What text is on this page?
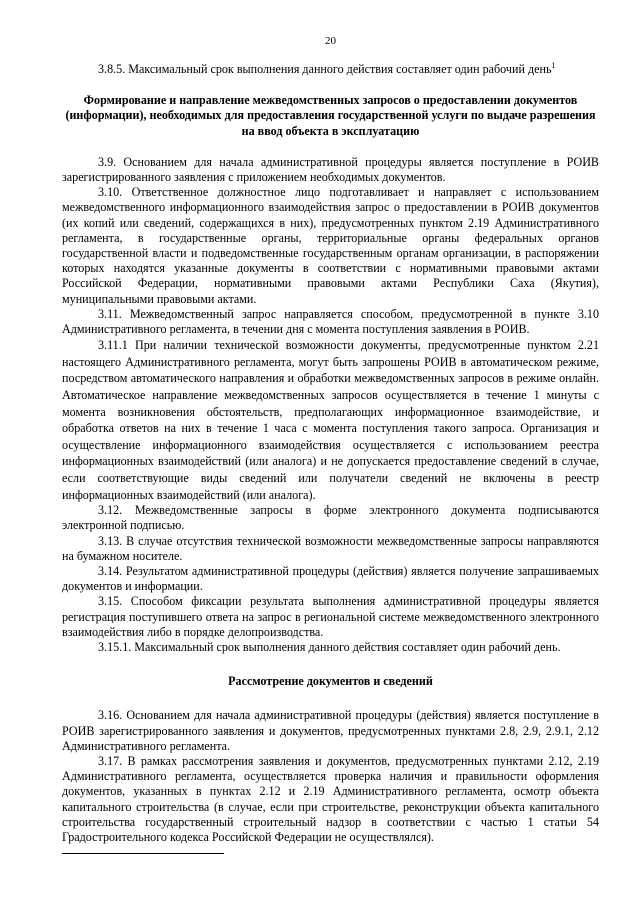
20

3.8.5. Максимальный срок выполнения данного действия составляет один рабочий день$^1$

Формирование и направление межведомственных запросов о предоставлении документов (информации), необходимых для предоставления государственной услуги по выдаче разрешения на ввод объекта в эксплуатацию

3.9. Основанием для начала административной процедуры является поступление в РОИВ зарегистрированного заявления с приложением необходимых документов.

3.10. Ответственное должностное лицо подготавливает и направляет с использованием межведомственного информационного взаимодействия запрос о предоставлении в РОИВ документов (их копий или сведений, содержащихся в них), предусмотренных пунктом 2.19 Административного регламента, в государственные органы, территориальные органы федеральных органов государственной власти и подведомственные государственным органам организации, в распоряжении которых находятся указанные документы в соответствии с нормативными правовыми актами Российской Федерации, нормативными правовыми актами Республики Саха (Якутия), муниципальными правовыми актами.

3.11. Межведомственный запрос направляется способом, предусмотренной в пункте 3.10 Административного регламента, в течении дня с момента поступления заявления в РОИВ.

3.11.1 При наличии технической возможности документы, предусмотренные пунктом 2.21 настоящего Административного регламента, могут быть запрошены РОИВ в автоматическом режиме, посредством автоматического направления и обработки межведомственных запросов в режиме онлайн. Автоматическое направление межведомственных запросов осуществляется в течение 1 минуты с момента возникновения обстоятельств, предполагающих информационное взаимодействие, и обработка ответов на них в течение 1 часа с момента поступления такого запроса. Организация и осуществление информационного взаимодействия осуществляется с использованием реестра информационных взаимодействий (или аналога) и не допускается предоставление сведений в случае, если соответствующие виды сведений или получатели сведений не включены в реестр информационных взаимодействий (или аналога).

3.12. Межведомственные запросы в форме электронного документа подписываются электронной подписью.

3.13. В случае отсутствия технической возможности межведомственные запросы направляются на бумажном носителе.

3.14. Результатом административной процедуры (действия) является получение запрашиваемых документов и информации.

3.15. Способом фиксации результата выполнения административной процедуры является регистрация поступившего ответа на запрос в региональной системе межведомственного электронного взаимодействия либо в порядке делопроизводства.

3.15.1. Максимальный срок выполнения данного действия составляет один рабочий день.

Рассмотрение документов и сведений

3.16. Основанием для начала административной процедуры (действия) является поступление в РОИВ зарегистрированного заявления и документов, предусмотренных пунктами 2.8, 2.9, 2.9.1, 2.12 Административного регламента.

3.17. В рамках рассмотрения заявления и документов, предусмотренных пунктами 2.12, 2.19 Административного регламента, осуществляется проверка наличия и правильности оформления документов, указанных в пунктах 2.12 и 2.19 Административного регламента, осмотр объекта капитального строительства (в случае, если при строительстве, реконструкции объекта капитального строительства государственный строительный надзор в соответствии с частью 1 статьи 54 Градостроительного кодекса Российской Федерации не осуществлялся).
